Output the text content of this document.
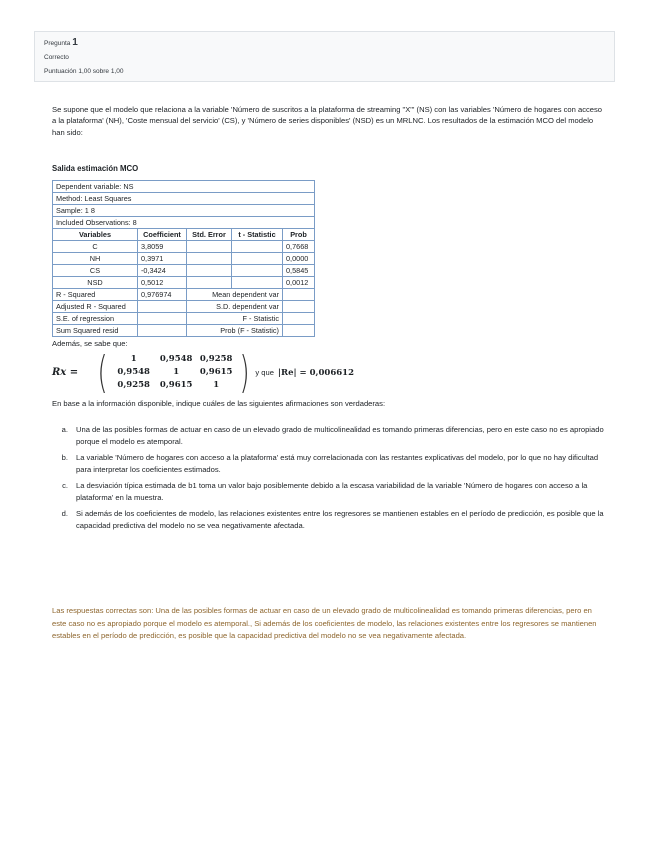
Pregunta 1
Correcto
Puntuación 1,00 sobre 1,00

Se supone que el modelo que relaciona a la variable 'Número de suscritos a la plataforma de streaming "X"' (NS) con las variables 'Número de hogares con acceso a la plataforma' (NH), 'Coste mensual del servicio' (CS), y 'Número de series disponibles' (NSD) es un MRLNC. Los resultados de la estimación MCO del modelo han sido:

Salida estimación MCO
Dependent variable: NS				
Method: Least Squares				
Sample: 1 8				
Included Observations: 8				
Variables	Coefficient	Std. Error	t - Statistic	Prob
C	3,8059			0,7668
NH	0,3971			0,0000
CS	-0,3424			0,5845
NSD	0,5012			0,0012
R - Squared	0,976974	Mean dependent var		
Adjusted R - Squared		S.D. dependent var		
S.E. of regression		F - Statistic		
Sum Squared resid		Prob (F - Statistic)		
Además, se sabe que:
Rx = (	1	0,9548 0,9258
0,9548	1	0,9615
0,9258	0,9615	1 ) y que |Re| = 0,006612
En base a la información disponible, indique cuáles de las siguientes afirmaciones son verdaderas:
a. Una de las posibles formas de actuar en caso de un elevado grado de multicolinealidad es tomando primeras diferencias, pero en este caso no es apropiado porque el modelo es atemporal.
b. La variable 'Número de hogares con acceso a la plataforma' está muy correlacionada con las restantes explicativas del modelo, por lo que no hay dificultad para interpretar los coeficientes estimados.
c. La desviación típica estimada de b1 toma un valor bajo posiblemente debido a la escasa variabilidad de la variable 'Número de hogares con acceso a la plataforma' en la muestra.
d. Si además de los coeficientes de modelo, las relaciones existentes entre los regresores se mantienen estables en el período de predicción, es posible que la capacidad predictiva del modelo no se vea negativamente afectada.
Las respuestas correctas son: Una de las posibles formas de actuar en caso de un elevado grado de multicolinealidad es tomando primeras diferencias, pero en este caso no es apropiado porque el modelo es atemporal., Si además de los coeficientes de modelo, las relaciones existentes entre los regresores se mantienen estables en el período de predicción, es posible que la capacidad predictiva del modelo no se vea negativamente afectada.
